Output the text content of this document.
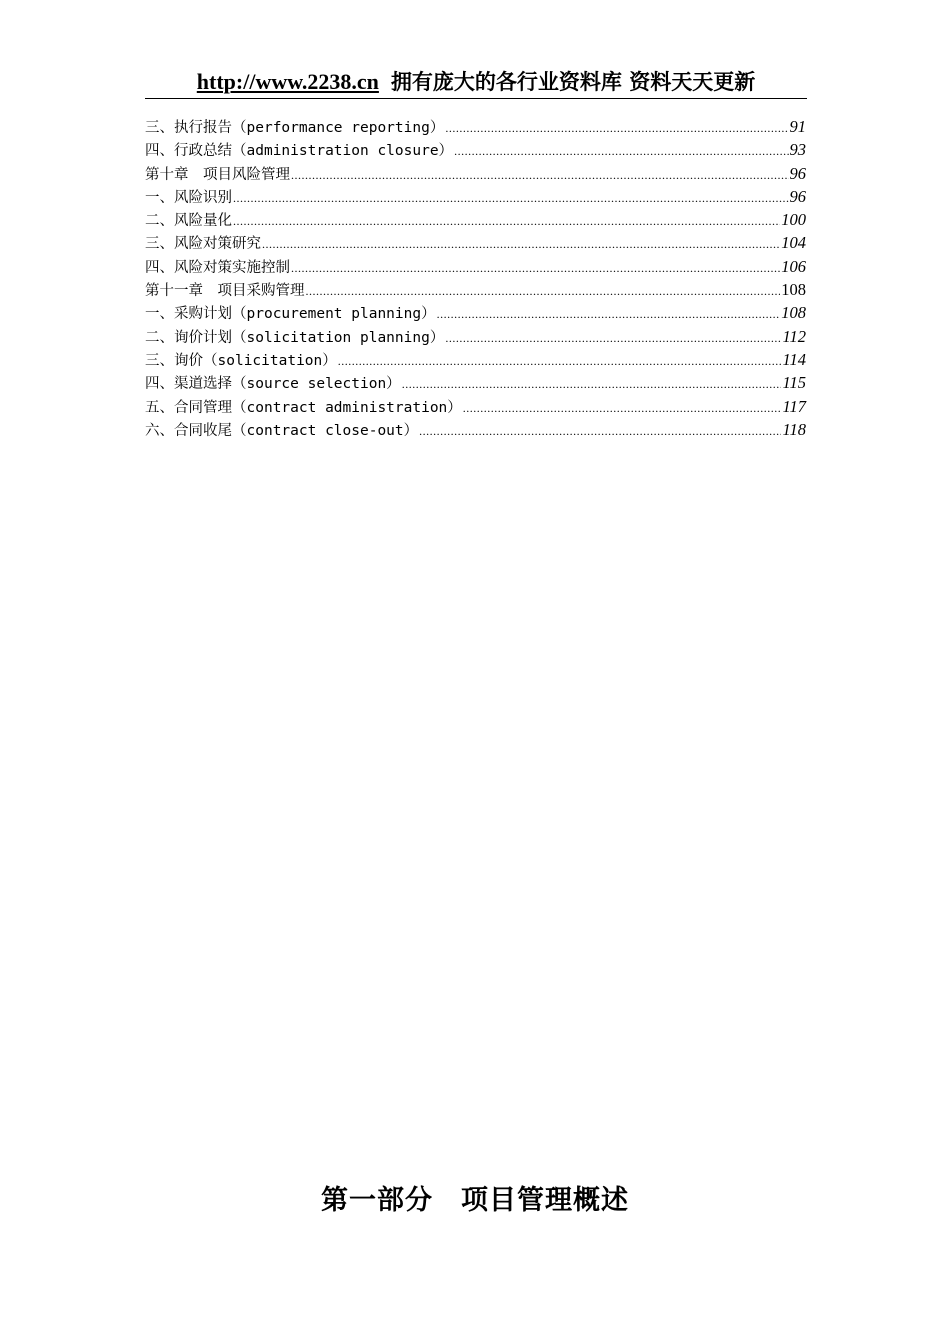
http://www.2238.cn 拥有庞大的各行业资料库 资料天天更新
三、执行报告（performance reporting） .....	91
四、行政总结（administration closure） .....	93
第十章　项目风险管理 .....	96
一、风险识别 .....	96
二、风险量化 .....	100
三、风险对策研究 .....	104
四、风险对策实施控制 .....	106
第十一章　项目采购管理 .....	108
一、采购计划（procurement planning） .....	108
二、询价计划（solicitation planning） .....	112
三、询价（solicitation） .....	114
四、渠道选择（source selection） .....	115
五、合同管理（contract administration） .....	117
六、合同收尾（contract close-out） .....	118
第一部分　项目管理概述
